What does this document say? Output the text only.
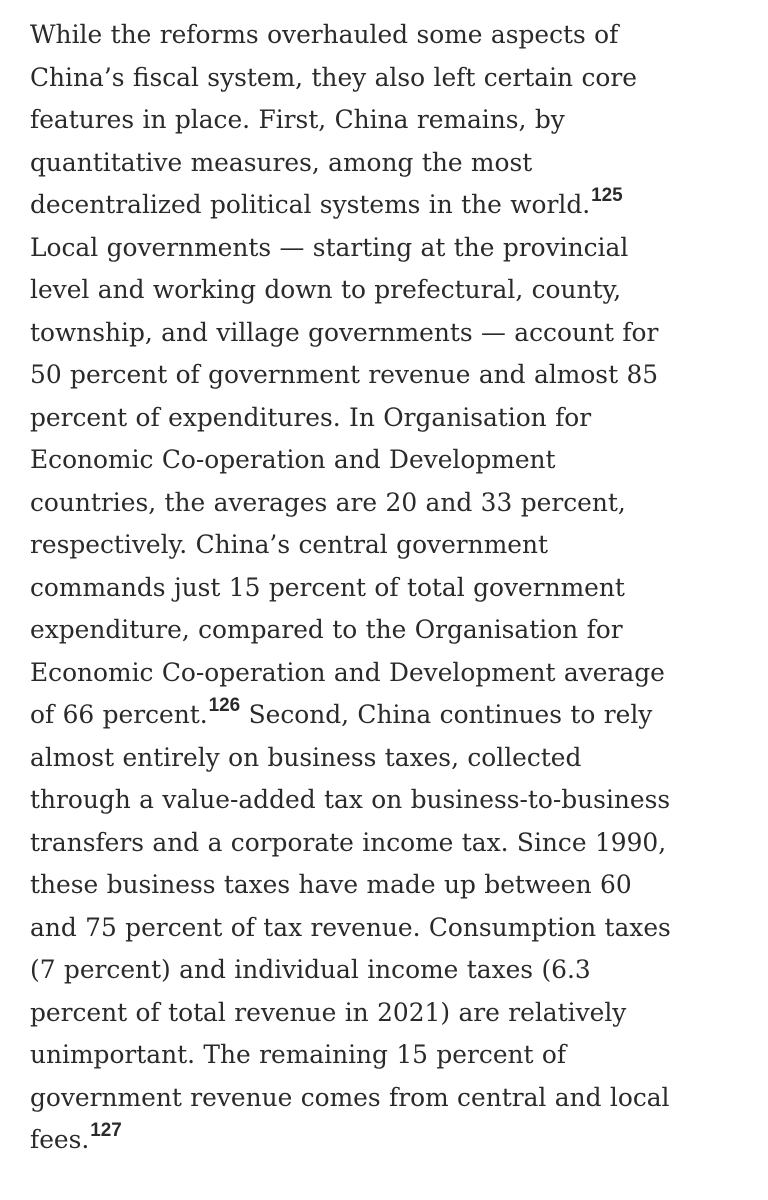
While the reforms overhauled some aspects of
China’s fiscal system, they also left certain core
features in place. First, China remains, by
quantitative measures, among the most
decentralized political systems in the world.$^{125}$
Local governments — starting at the provincial
level and working down to prefectural, county,
township, and village governments — account for
50 percent of government revenue and almost 85
percent of expenditures. In Organisation for
Economic Co-operation and Development
countries, the averages are 20 and 33 percent,
respectively. China’s central government
commands just 15 percent of total government
expenditure, compared to the Organisation for
Economic Co-operation and Development average
of 66 percent.$^{126}$ Second, China continues to rely
almost entirely on business taxes, collected
through a value-added tax on business-to-business
transfers and a corporate income tax. Since 1990,
these business taxes have made up between 60
and 75 percent of tax revenue. Consumption taxes
(7 percent) and individual income taxes (6.3
percent of total revenue in 2021) are relatively
unimportant. The remaining 15 percent of
government revenue comes from central and local
fees.$^{127}$
